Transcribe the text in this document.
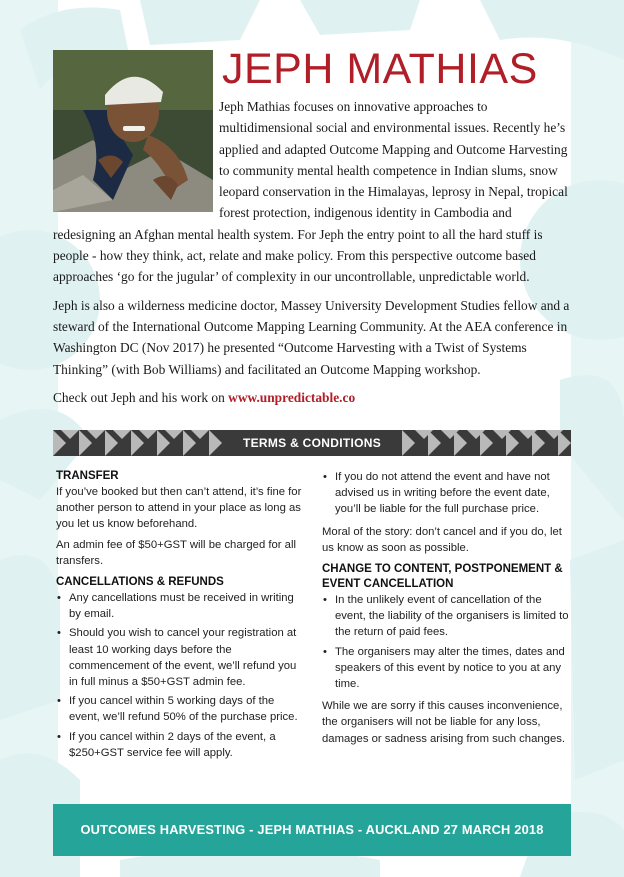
JEPH MATHIAS

Jeph Mathias focuses on innovative approaches to multidimensional social and environmental issues. Recently he’s applied and adapted Outcome Mapping and Outcome Harvesting to community mental health competence in Indian slums, snow leopard conservation in the Himalayas, leprosy in Nepal, tropical forest protection, indigenous identity in Cambodia and redesigning an Afghan mental health system. For Jeph the entry point to all the hard stuff is people - how they think, act, relate and make policy. From this perspective outcome based approaches ‘go for the jugular’ of complexity in our uncontrollable, unpredictable world.

Jeph is also a wilderness medicine doctor, Massey University Development Studies fellow and a steward of the International Outcome Mapping Learning Community. At the AEA conference in Washington DC (Nov 2017) he presented “Outcome Harvesting with a Twist of Systems Thinking” (with Bob Williams) and facilitated an Outcome Mapping workshop.

Check out Jeph and his work on www.unpredictable.co

TERMS & CONDITIONS
TRANSFER

If you’ve booked but then can’t attend, it’s fine for another person to attend in your place as long as you let us know beforehand.

An admin fee of $50+GST will be charged for all transfers.

CANCELLATIONS & REFUNDS
• Any cancellations must be received in writing by email.
• Should you wish to cancel your registration at least 10 working days before the commencement of the event, we’ll refund you in full minus a $50+GST admin fee.
• If you cancel within 5 working days of the event, we’ll refund 50% of the purchase price.
• If you cancel within 2 days of the event, a $250+GST service fee will apply.
• If you do not attend the event and have not advised us in writing before the event date, you’ll be liable for the full purchase price.

Moral of the story: don’t cancel and if you do, let us know as soon as possible.

CHANGE TO CONTENT, POSTPONEMENT & EVENT CANCELLATION
• In the unlikely event of cancellation of the event, the liability of the organisers is limited to the return of paid fees.
• The organisers may alter the times, dates and speakers of this event by notice to you at any time.

While we are sorry if this causes inconvenience, the organisers will not be liable for any loss, damages or sadness arising from such changes.

OUTCOMES HARVESTING - JEPH MATHIAS - AUCKLAND 27 MARCH 2018
